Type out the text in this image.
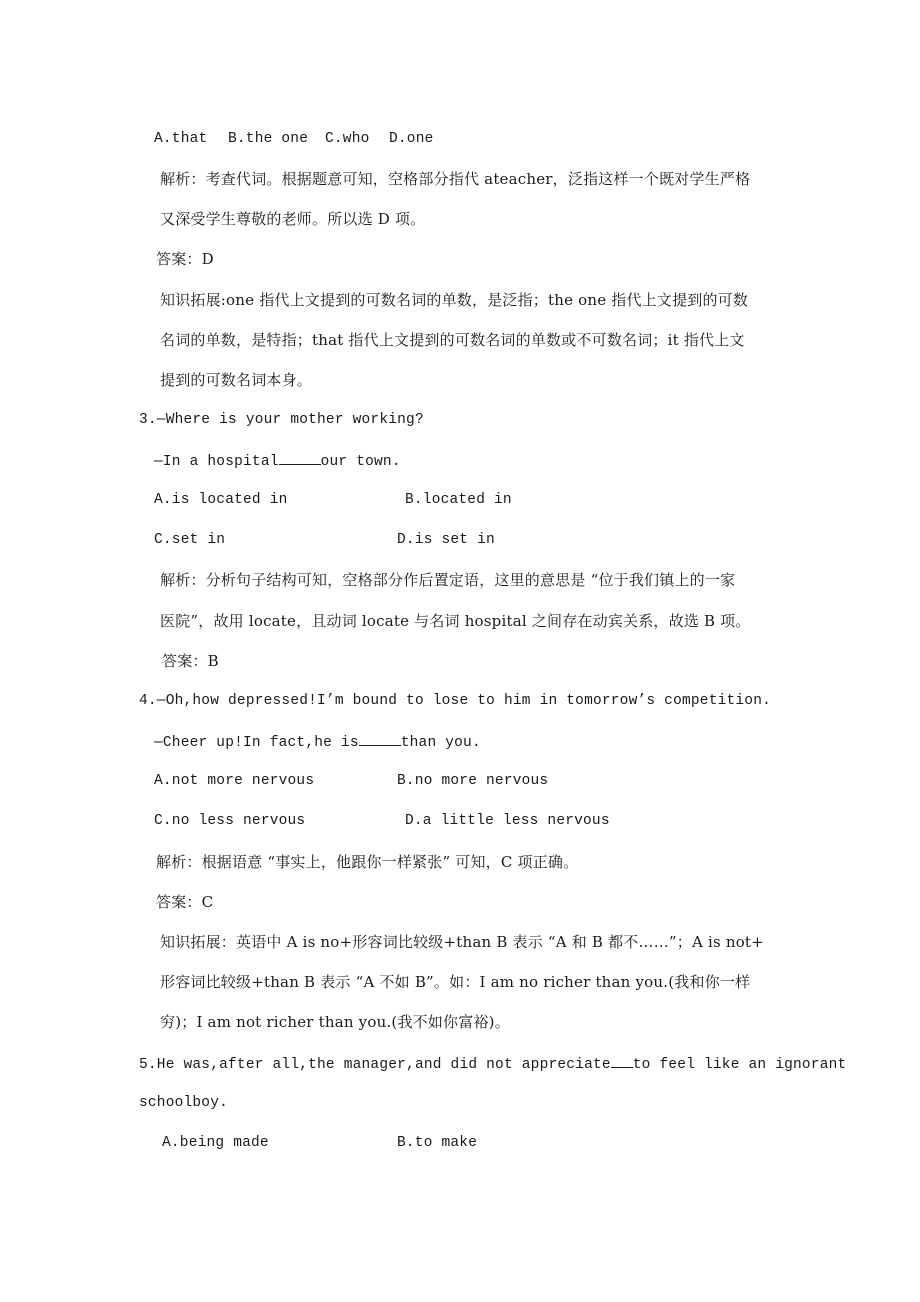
A.that B.the one C.who D.one
解析：考查代词。根据题意可知，空格部分指代 ateacher，泛指这样一个既对学生严格
又深受学生尊敬的老师。所以选 D 项。
答案：D
知识拓展:one 指代上文提到的可数名词的单数，是泛指；the one 指代上文提到的可数
名词的单数，是特指；that 指代上文提到的可数名词的单数或不可数名词；it 指代上文
提到的可数名词本身。
3.—Where is your mother working?
—In a hospital	our town.
A.is located in	B.located in
C.set in	D.is set in
解析：分析句子结构可知，空格部分作后置定语，这里的意思是 “位于我们镇上的一家
医院”，故用 locate，且动词 locate 与名词 hospital 之间存在动宾关系，故选 B 项。
答案：B
4.—Oh,how depressed!I’m bound to lose to him in tomorrow’s competition.
—Cheer up!In fact,he is	than you.
A.not more nervous	B.no more nervous
C.no less nervous	D.a little less nervous
解析：根据语意 “事实上，他跟你一样紧张” 可知，C 项正确。
答案：C
知识拓展：英语中 A is no+形容词比较级+than B 表示 “A 和 B 都不……”；A is not+
形容词比较级+than B 表示 “A 不如 B”。如：I am no richer than you.(我和你一样
穷)；I am not richer than you.(我不如你富裕)。
5.He was,after all,the manager,and did not appreciate to feel like an ignorant
schoolboy.
A.being made	B.to make
